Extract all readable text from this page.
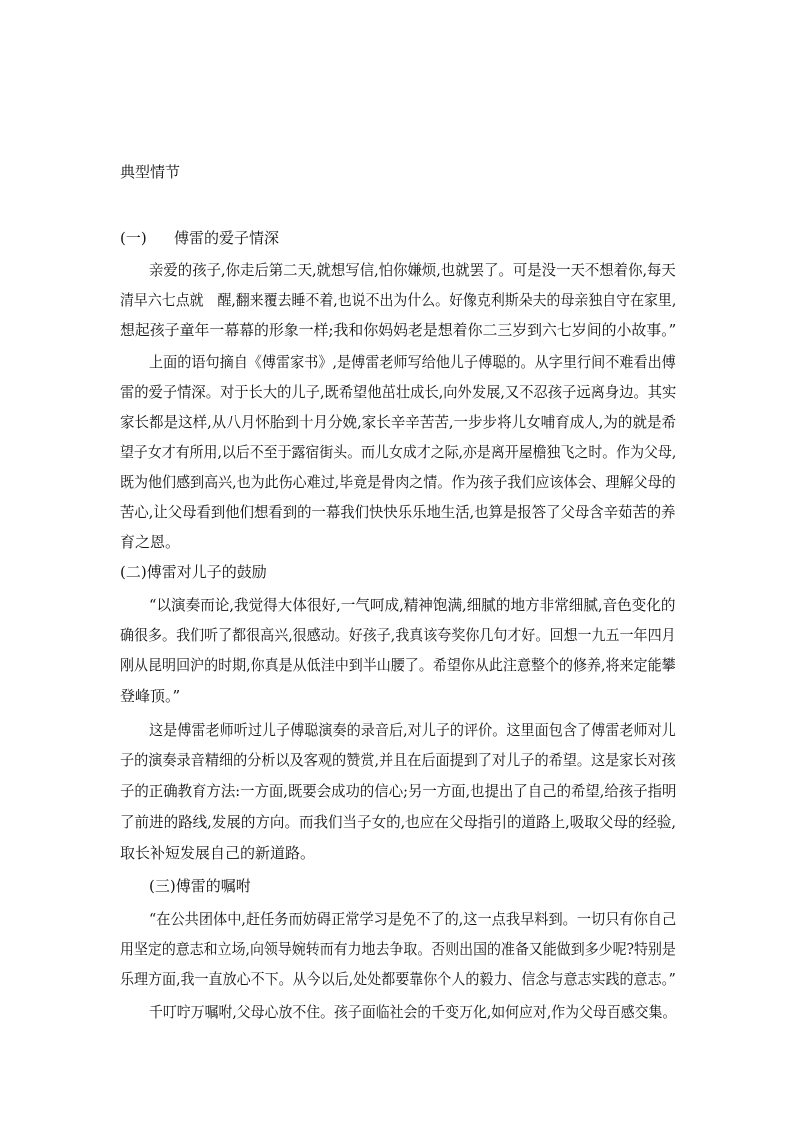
典型情节
(一) 傅雷的爱子情深
亲爱的孩子,你走后第二天,就想写信,怕你嫌烦,也就罢了。可是没一天不想着你,每天
清早六七点就　醒,翻来覆去睡不着,也说不出为什么。好像克利斯朵夫的母亲独自守在家里,
想起孩子童年一幕幕的形象一样;我和你妈妈老是想着你二三岁到六七岁间的小故事。”
上面的语句摘自《傅雷家书》,是傅雷老师写给他儿子傅聪的。从字里行间不难看出傅
雷的爱子情深。对于长大的儿子,既希望他茁壮成长,向外发展,又不忍孩子远离身边。其实
家长都是这样,从八月怀胎到十月分娩,家长辛辛苦苦,一步步将儿女哺育成人,为的就是希
望子女才有所用,以后不至于露宿街头。而儿女成才之际,亦是离开屋檐独飞之时。作为父母,
既为他们感到高兴,也为此伤心难过,毕竟是骨肉之情。作为孩子我们应该体会、理解父母的
苦心,让父母看到他们想看到的一幕我们快快乐乐地生活,也算是报答了父母含辛茹苦的养
育之恩。
(二)傅雷对儿子的鼓励
“以演奏而论,我觉得大体很好,一气呵成,精神饱满,细腻的地方非常细腻,音色变化的
确很多。我们听了都很高兴,很感动。好孩子,我真该夸奖你几句才好。回想一九五一年四月
刚从昆明回沪的时期,你真是从低洼中到半山腰了。希望你从此注意整个的修养,将来定能攀
登峰顶。”
这是傅雷老师听过儿子傅聪演奏的录音后,对儿子的评价。这里面包含了傅雷老师对儿
子的演奏录音精细的分析以及客观的赞赏,并且在后面提到了对儿子的希望。这是家长对孩
子的正确教育方法:一方面,既要会成功的信心;另一方面,也提出了自己的希望,给孩子指明
了前进的路线,发展的方向。而我们当子女的,也应在父母指引的道路上,吸取父母的经验,
取长补短发展自己的新道路。
(三)傅雷的嘱咐
“在公共团体中,赶任务而妨碍正常学习是免不了的,这一点我早料到。一切只有你自己
用坚定的意志和立场,向领导婉转而有力地去争取。否则出国的准备又能做到多少呢?特别是
乐理方面,我一直放心不下。从今以后,处处都要靠你个人的毅力、信念与意志实践的意志。”
千叮咛万嘱咐,父母心放不住。孩子面临社会的千变万化,如何应对,作为父母百感交集。
